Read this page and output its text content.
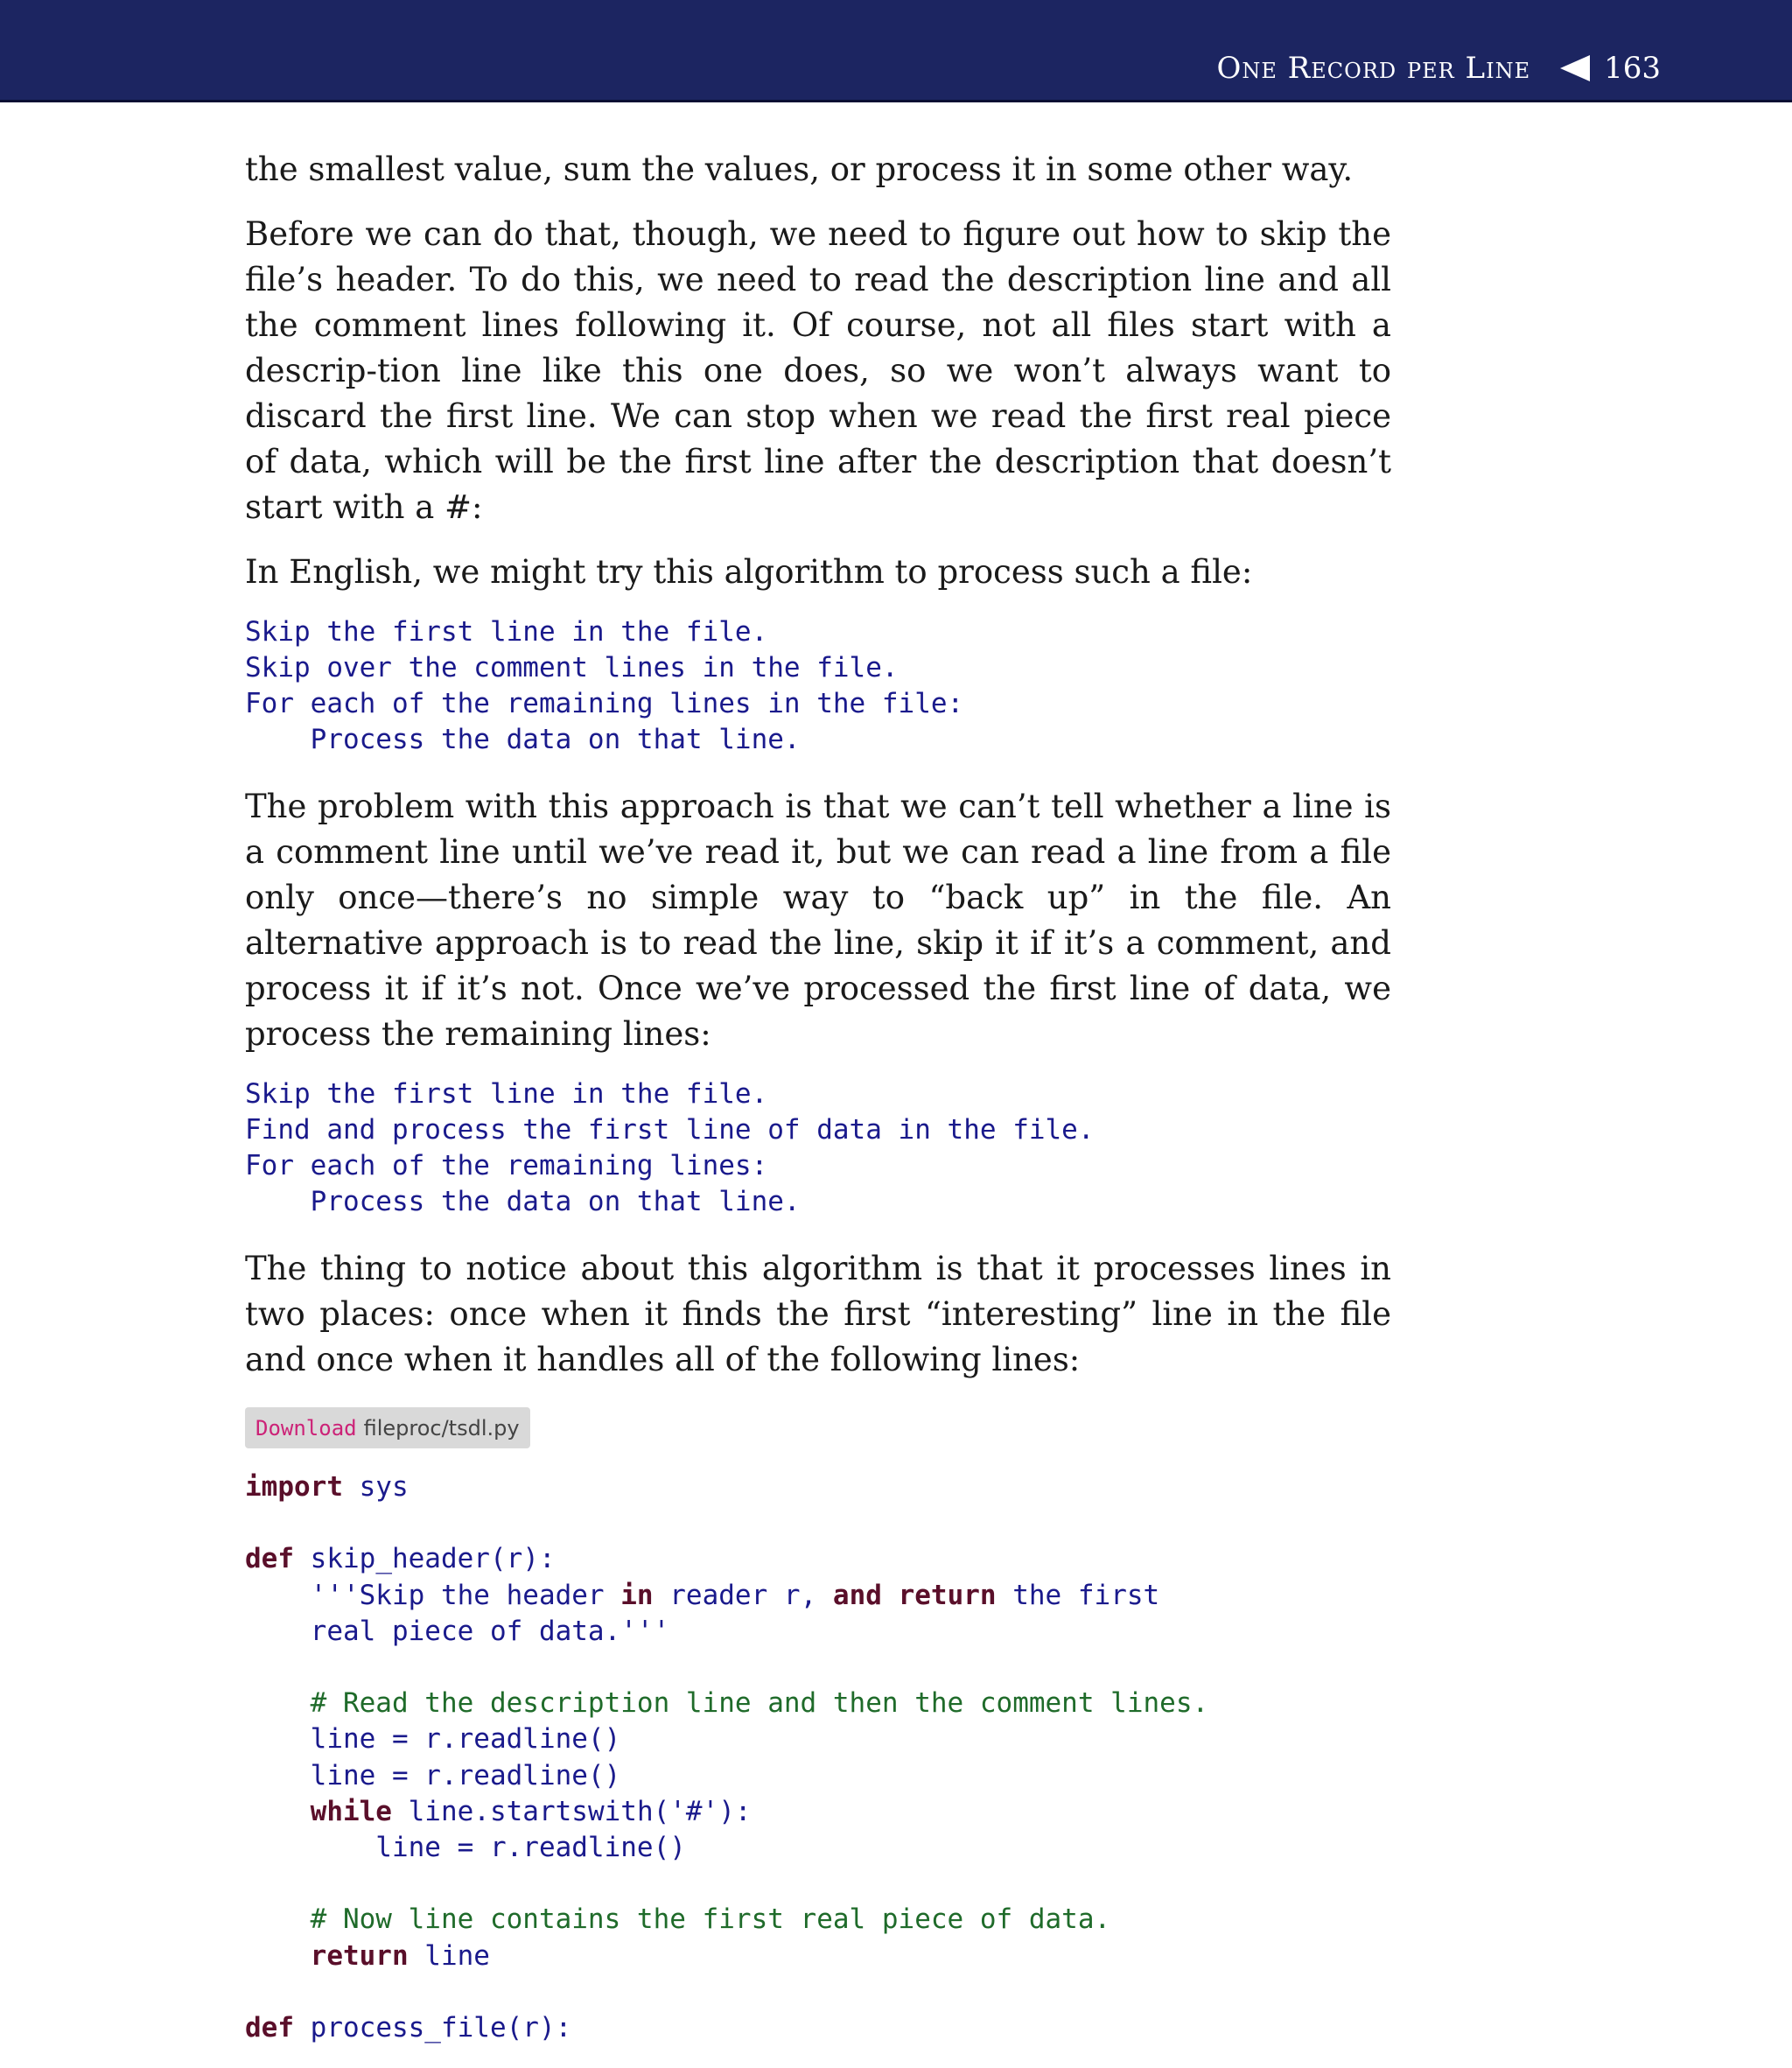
One Record per Line 163

the smallest value, sum the values, or process it in some other way.

Before we can do that, though, we need to figure out how to skip the file’s header. To do this, we need to read the description line and all the comment lines following it. Of course, not all files start with a descrip-tion line like this one does, so we won’t always want to discard the first line. We can stop when we read the first real piece of data, which will be the first line after the description that doesn’t start with a #:

In English, we might try this algorithm to process such a file:

Skip the first line in the file.
Skip over the comment lines in the file.
For each of the remaining lines in the file:
Process the data on that line.

The problem with this approach is that we can’t tell whether a line is a comment line until we’ve read it, but we can read a line from a file only once—there’s no simple way to “back up” in the file. An alternative approach is to read the line, skip it if it’s a comment, and process it if it’s not. Once we’ve processed the first line of data, we process the remaining lines:

Skip the first line in the file.
Find and process the first line of data in the file.
For each of the remaining lines:
Process the data on that line.

The thing to notice about this algorithm is that it processes lines in two places: once when it finds the first “interesting” line in the file and once when it handles all of the following lines:

Download fileproc/tsdl.py
import sys
def skip_header(r):
'''Skip the header in reader r, and return the first
real piece of data.'''
# Read the description line and then the comment lines.
line = r.readline()
line = r.readline()
while line.startswith('#'):
line = r.readline()
# Now line contains the first real piece of data.
return line
def process_file(r):
